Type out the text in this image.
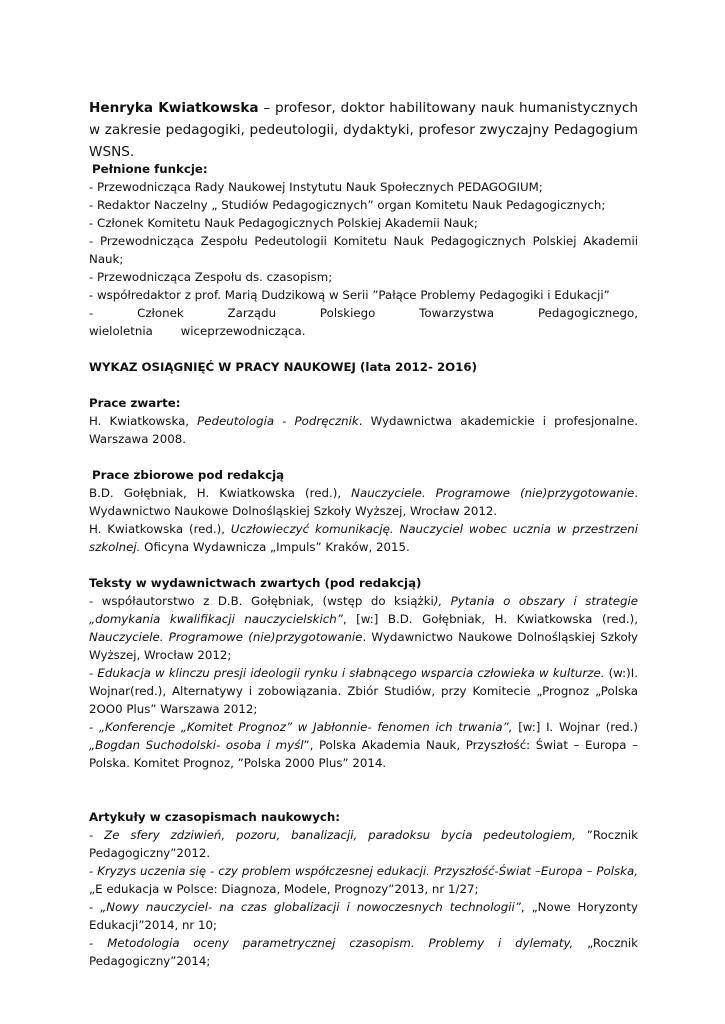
Henryka Kwiatkowska – profesor, doktor habilitowany nauk humanistycznych w zakresie pedagogiki, pedeutologii, dydaktyki, profesor zwyczajny Pedagogium WSNS.

Pełnione funkcje:

- Przewodnicząca Rady Naukowej Instytutu Nauk Społecznych PEDAGOGIUM;

- Redaktor Naczelny „ Studiów Pedagogicznych” organ Komitetu Nauk Pedagogicznych;

- Członek Komitetu Nauk Pedagogicznych Polskiej Akademii Nauk;

- Przewodnicząca Zespołu Pedeutologii Komitetu Nauk Pedagogicznych Polskiej Akademii Nauk;

- Przewodnicząca Zespołu ds. czasopism;

- współredaktor z prof. Marią Dudzikową w Serii ”Pałące Problemy Pedagogiki i Edukacji”

- Członek Zarządu Polskiego Towarzystwa Pedagogicznego, wieloletnia wiceprzewodnicząca.

WYKAZ OSIĄGNIĘĆ W PRACY NAUKOWEJ (lata 2012- 2O16)

Prace zwarte:

H. Kwiatkowska, Pedeutologia - Podręcznik. Wydawnictwa akademickie i profesjonalne. Warszawa 2008.

Prace zbiorowe pod redakcją

B.D. Gołębniak, H. Kwiatkowska (red.), Nauczyciele. Programowe (nie)przygotowanie. Wydawnictwo Naukowe Dolnośląskiej Szkoły Wyższej, Wrocław 2012.

H. Kwiatkowska (red.), Uczłowieczyć komunikację. Nauczyciel wobec ucznia w przestrzeni szkolnej. Oficyna Wydawnicza „Impuls” Kraków, 2015.

Teksty w wydawnictwach zwartych (pod redakcją)

- współautorstwo z D.B. Gołębniak, (wstęp do książki), Pytania o obszary i strategie „domykania kwalifikacji nauczycielskich”, [w:] B.D. Gołębniak, H. Kwiatkowska (red.), Nauczyciele. Programowe (nie)przygotowanie. Wydawnictwo Naukowe Dolnośląskiej Szkoły Wyższej, Wrocław 2012;

- Edukacja w klinczu presji ideologii rynku i słabnącego wsparcia człowieka w kulturze. (w:)I. Wojnar(red.), Alternatywy i zobowiązania. Zbiór Studiów, przy Komitecie „Prognoz „Polska 2OO0 Plus” Warszawa 2012;

- „Konferencje „Komitet Prognoz” w Jabłonnie- fenomen ich trwania”, [w:] I. Wojnar (red.) „Bogdan Suchodolski- osoba i myśl”, Polska Akademia Nauk, Przyszłość: Świat – Europa – Polska. Komitet Prognoz, ”Polska 2000 Plus” 2014.

Artykuły w czasopismach naukowych:

- Ze sfery zdziwień, pozoru, banalizacji, paradoksu bycia pedeutologiem, ”Rocznik Pedagogiczny”2012.

- Kryzys uczenia się - czy problem współczesnej edukacji. Przyszłość-Świat –Europa – Polska, „E edukacja w Polsce: Diagnoza, Modele, Prognozy”2013, nr 1/27;

- „Nowy nauczyciel- na czas globalizacji i nowoczesnych technologii”, „Nowe Horyzonty Edukacji”2014, nr 10;

- Metodologia oceny parametrycznej czasopism. Problemy i dylematy, „Rocznik Pedagogiczny”2014;
